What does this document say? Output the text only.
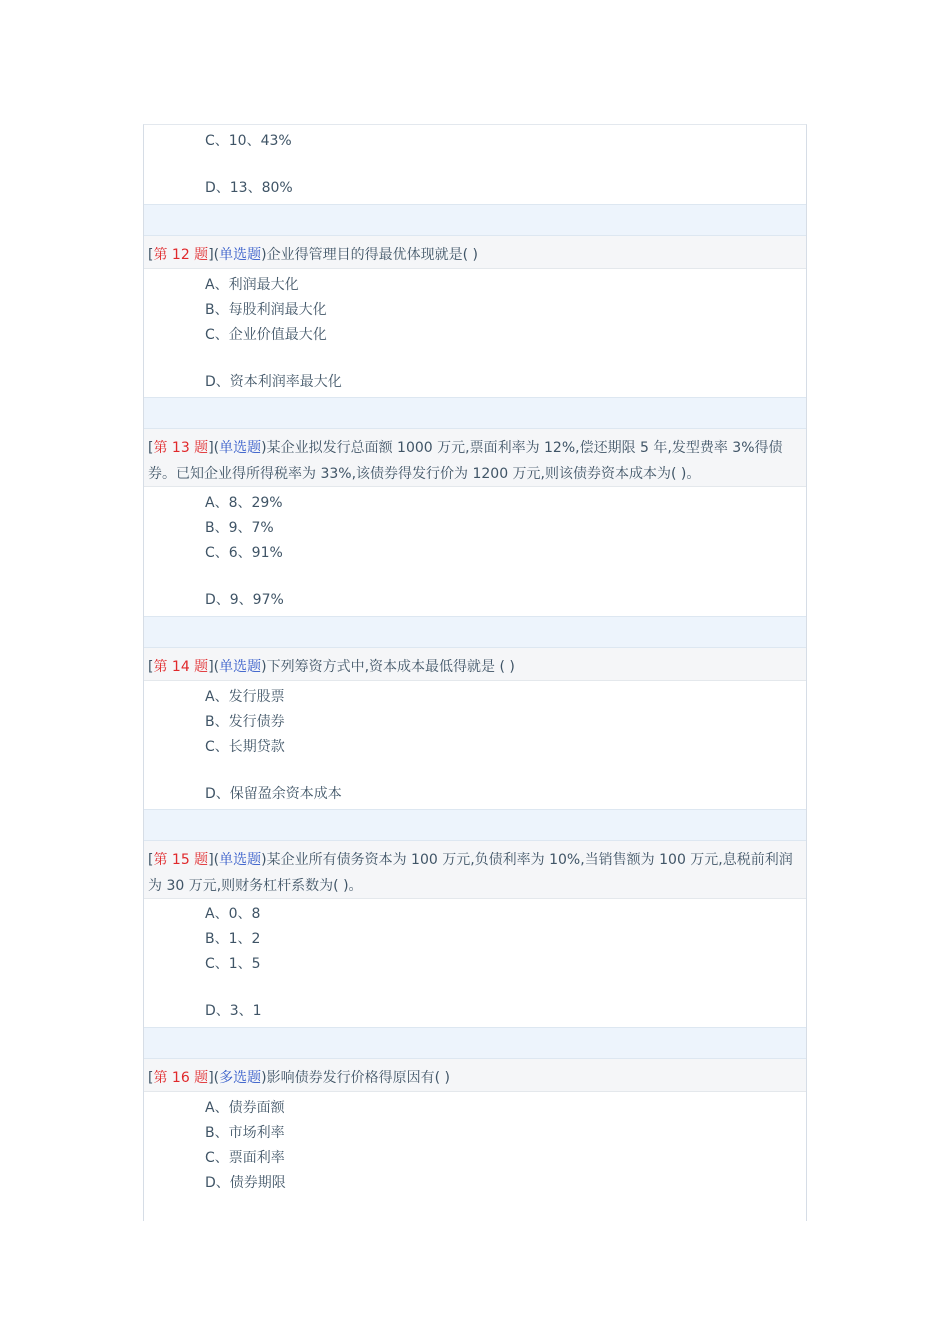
C、10、43%
D、13、80%
[第 12 题](单选题)企业得管理目的得最优体现就是( )
A、利润最大化
B、每股利润最大化
C、企业价值最大化
D、资本利润率最大化
[第 13 题](单选题)某企业拟发行总面额 1000 万元,票面利率为 12%,偿还期限 5 年,发型费率 3%得债券。已知企业得所得税率为 33%,该债券得发行价为 1200 万元,则该债券资本成本为( )。
A、8、29%
B、9、7%
C、6、91%
D、9、97%
[第 14 题](单选题)下列筹资方式中,资本成本最低得就是 ( )
A、发行股票
B、发行债券
C、长期贷款
D、保留盈余资本成本
[第 15 题](单选题)某企业所有债务资本为 100 万元,负债利率为 10%,当销售额为 100 万元,息税前利润为 30 万元,则财务杠杆系数为( )。
A、0、8
B、1、2
C、1、5
D、3、1
[第 16 题](多选题)影响债券发行价格得原因有( )
A、债券面额
B、市场利率
C、票面利率
D、债券期限
